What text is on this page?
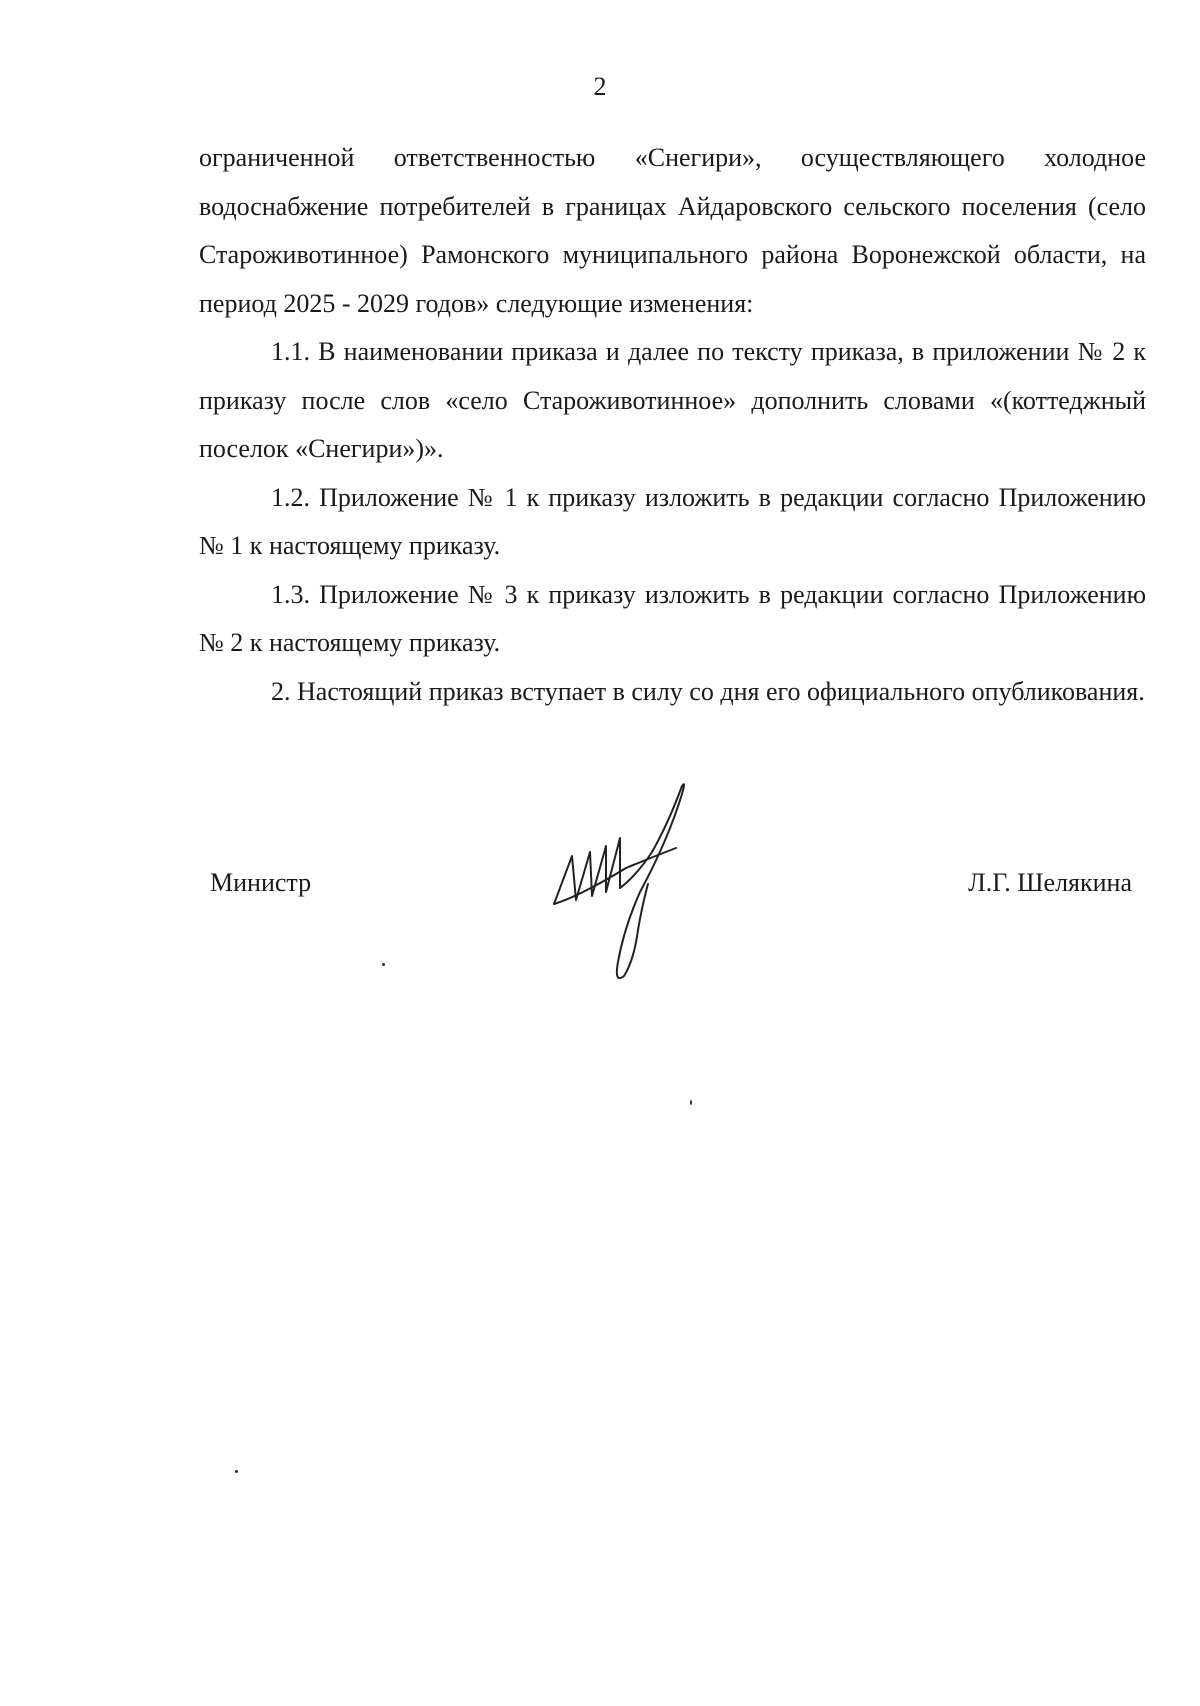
2

ограниченной ответственностью «Снегири», осуществляющего холодное водоснабжение потребителей в границах Айдаровского сельского поселения (село Староживотинное) Рамонского муниципального района Воронежской области, на период 2025 - 2029 годов» следующие изменения:

1.1. В наименовании приказа и далее по тексту приказа, в приложении № 2 к приказу после слов «село Староживотинное» дополнить словами «(коттеджный поселок «Снегири»)».

1.2. Приложение № 1 к приказу изложить в редакции согласно Приложению № 1 к настоящему приказу.

1.3. Приложение № 3 к приказу изложить в редакции согласно Приложению № 2 к настоящему приказу.

2. Настоящий приказ вступает в силу со дня его официального опубликования.

Министр	Л.Г. Шелякина
